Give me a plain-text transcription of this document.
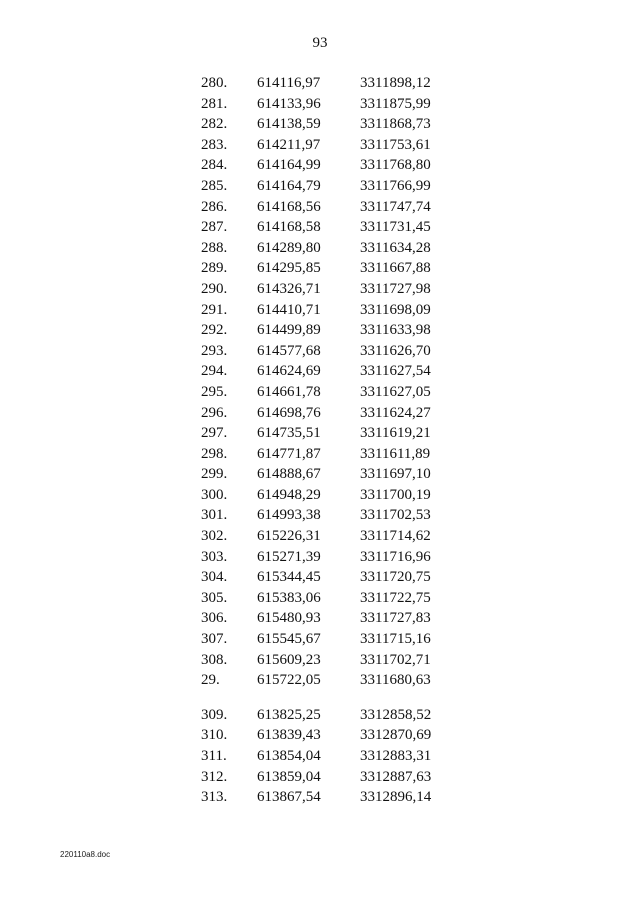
93
280. 614116,97	3311898,12
281. 614133,96	3311875,99
282. 614138,59	3311868,73
283. 614211,97	3311753,61
284. 614164,99	3311768,80
285. 614164,79	3311766,99
286. 614168,56	3311747,74
287. 614168,58	3311731,45
288. 614289,80	3311634,28
289. 614295,85	3311667,88
290. 614326,71	3311727,98
291. 614410,71	3311698,09
292. 614499,89	3311633,98
293. 614577,68	3311626,70
294. 614624,69	3311627,54
295. 614661,78	3311627,05
296. 614698,76	3311624,27
297. 614735,51	3311619,21
298. 614771,87	3311611,89
299. 614888,67	3311697,10
300. 614948,29	3311700,19
301. 614993,38	3311702,53
302. 615226,31	3311714,62
303. 615271,39	3311716,96
304. 615344,45	3311720,75
305. 615383,06	3311722,75
306. 615480,93	3311727,83
307. 615545,67	3311715,16
308. 615609,23	3311702,71
29. 615722,05	3311680,63
309. 613825,25	3312858,52
310. 613839,43	3312870,69
311. 613854,04	3312883,31
312. 613859,04	3312887,63
313. 613867,54	3312896,14
220110a8.doc
